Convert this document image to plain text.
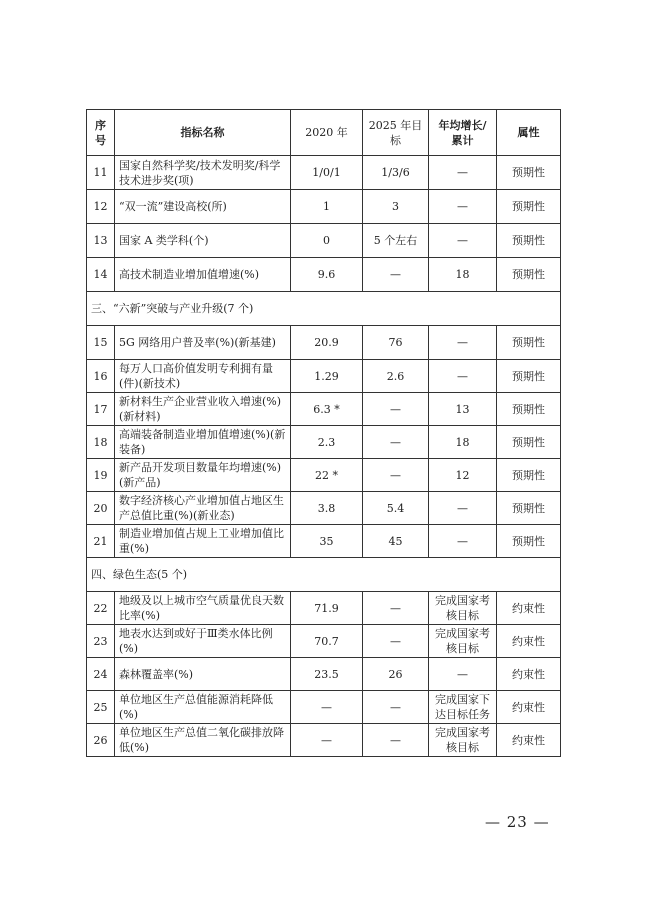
序号	指标名称	2020 年	2025 年目标	年均增长/累计	属性
11	国家自然科学奖/技术发明奖/科学技术进步奖(项)	1/0/1	1/3/6	—	预期性
12	“双一流”建设高校(所)	1	3	—	预期性
13	国家 A 类学科(个)	0	5 个左右	—	预期性
14	高技术制造业增加值增速(%)	9.6	—	18	预期性
三、“六新”突破与产业升级(7 个)					
15	5G 网络用户普及率(%)(新基建)	20.9	76	—	预期性
16	每万人口高价值发明专利拥有量(件)(新技术)	1.29	2.6	—	预期性
17	新材料生产企业营业收入增速(%)(新材料)	6.3 *	—	13	预期性
18	高端装备制造业增加值增速(%)(新装备)	2.3	—	18	预期性
19	新产品开发项目数量年均增速(%)(新产品)	22 *	—	12	预期性
20	数字经济核心产业增加值占地区生产总值比重(%)(新业态)	3.8	5.4	—	预期性
21	制造业增加值占规上工业增加值比重(%)	35	45	—	预期性
四、绿色生态(5 个)					
22	地级及以上城市空气质量优良天数比率(%)	71.9	—	完成国家考核目标	约束性
23	地表水达到或好于Ⅲ类水体比例(%)	70.7	—	完成国家考核目标	约束性
24	森林覆盖率(%)	23.5	26	—	约束性
25	单位地区生产总值能源消耗降低(%)	—	—	完成国家下达目标任务	约束性
26	单位地区生产总值二氧化碳排放降低(%)	—	—	完成国家考核目标	约束性
— 23 —
